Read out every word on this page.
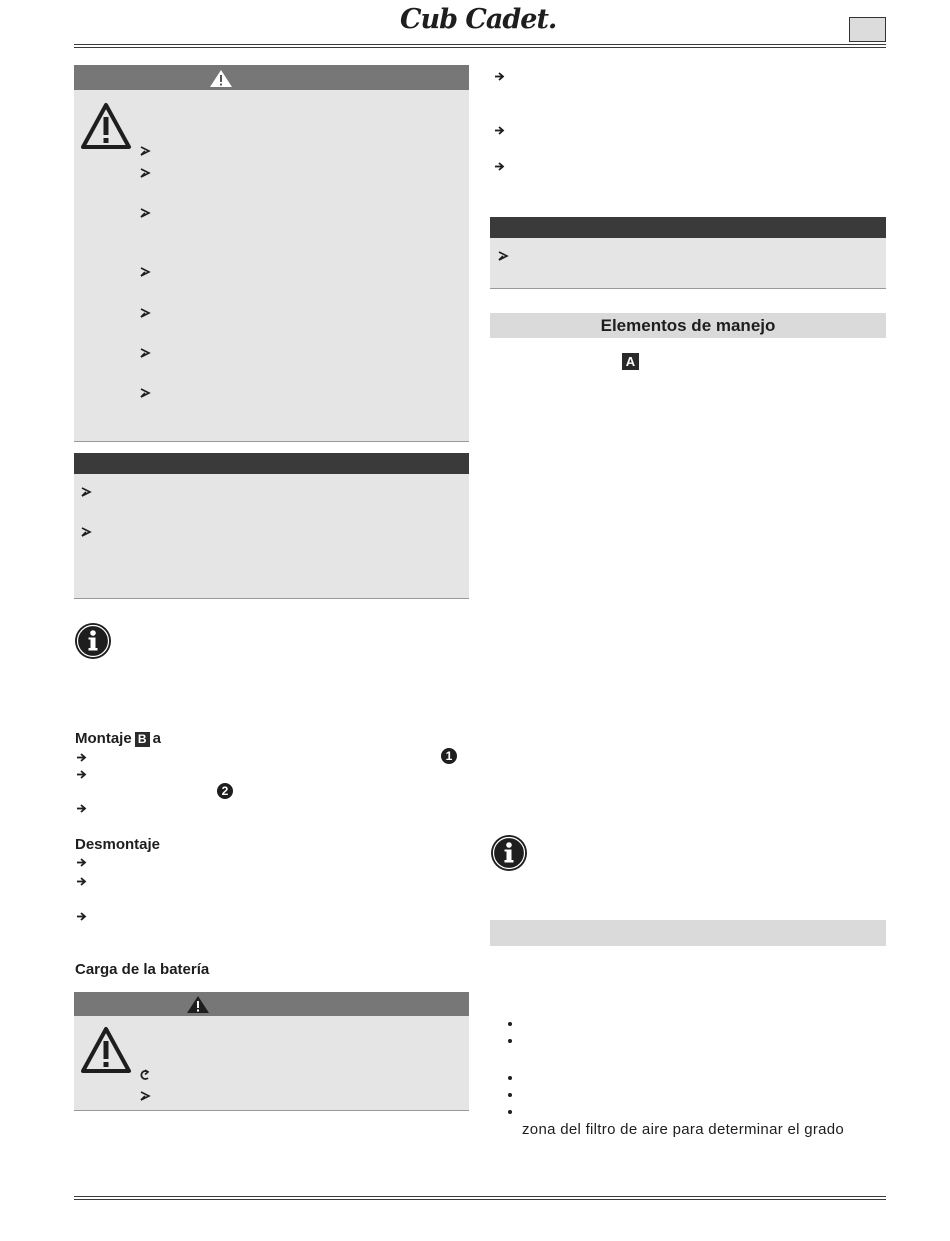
Cub Cadet.
Montaje B a
1
2
Desmontaje
Carga de la batería
Elementos de manejo
A
zona del filtro de aire para determinar el grado
